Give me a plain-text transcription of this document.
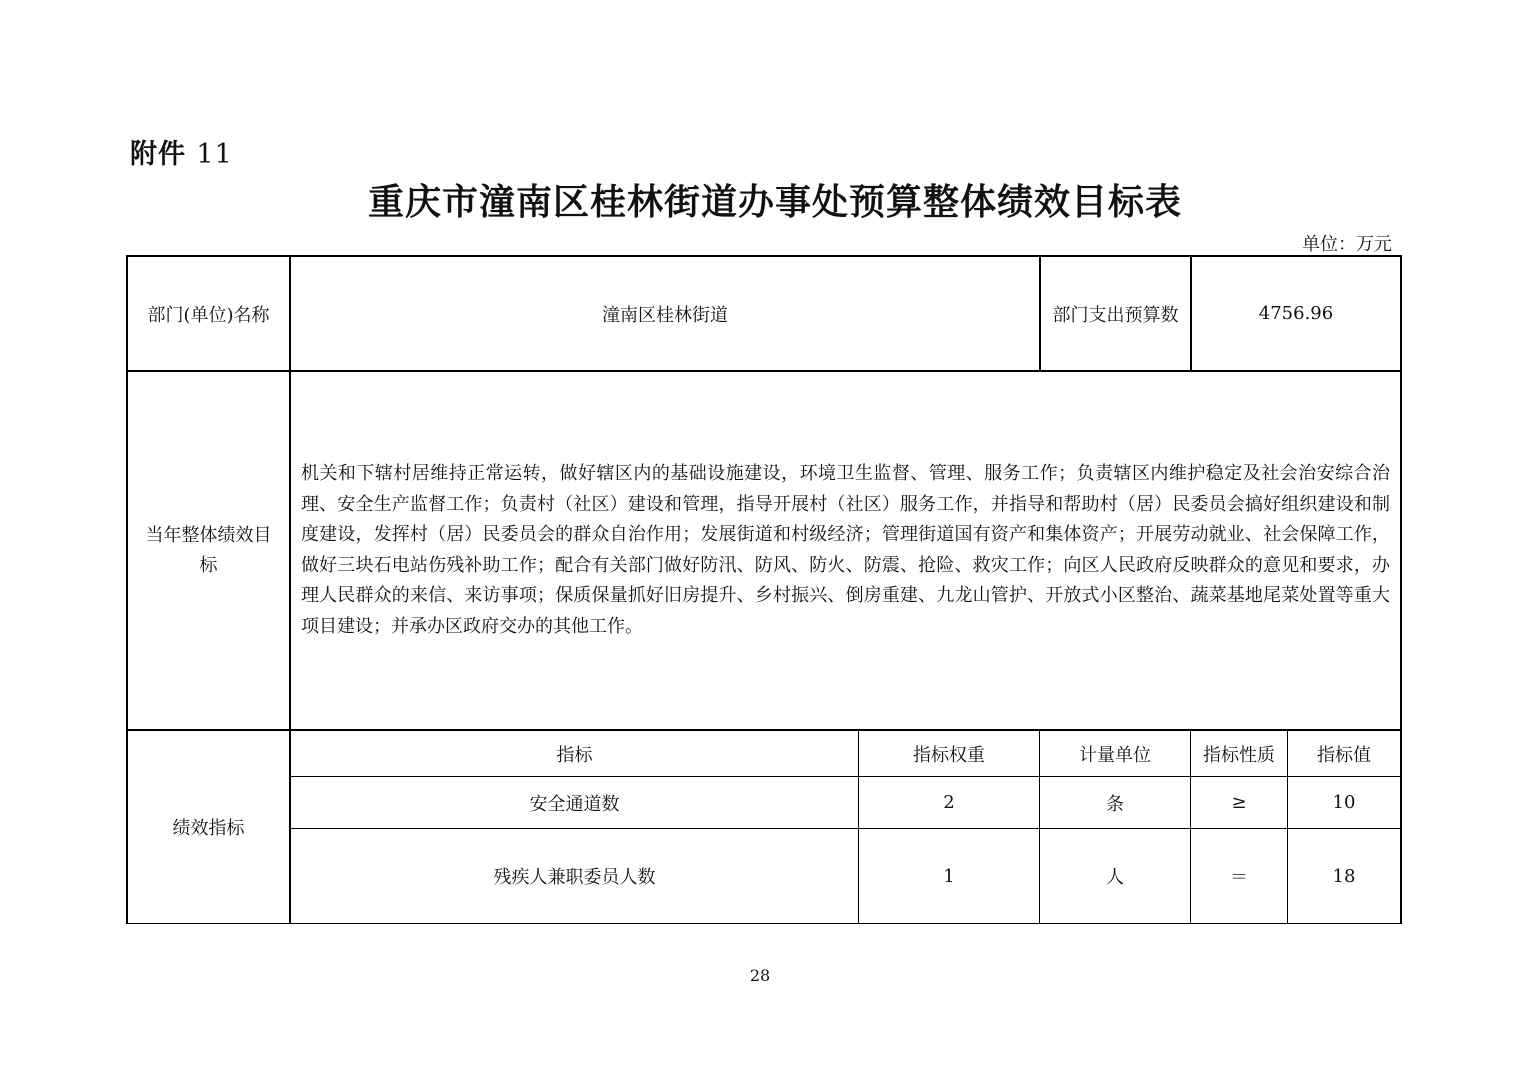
附件 11
重庆市潼南区桂林街道办事处预算整体绩效目标表
单位：万元
部门(单位)名称	潼南区桂林街道	部门支出预算数	4756.96
当年整体绩效目标
机关和下辖村居维持正常运转，做好辖区内的基础设施建设，环境卫生监督、管理、服务工作；负责辖区内维护稳定及社会治安综合治理、安全生产监督工作；负责村（社区）建设和管理，指导开展村（社区）服务工作，并指导和帮助村（居）民委员会搞好组织建设和制度建设，发挥村（居）民委员会的群众自治作用；发展街道和村级经济；管理街道国有资产和集体资产；开展劳动就业、社会保障工作，做好三块石电站伤残补助工作；配合有关部门做好防汛、防风、防火、防震、抢险、救灾工作；向区人民政府反映群众的意见和要求，办理人民群众的来信、来访事项；保质保量抓好旧房提升、乡村振兴、倒房重建、九龙山管护、开放式小区整治、蔬菜基地尾菜处置等重大项目建设；并承办区政府交办的其他工作。
绩效指标
指标	指标权重	计量单位	指标性质	指标值
安全通道数	2	条	≥	10
残疾人兼职委员人数	1	人	＝	18
28
